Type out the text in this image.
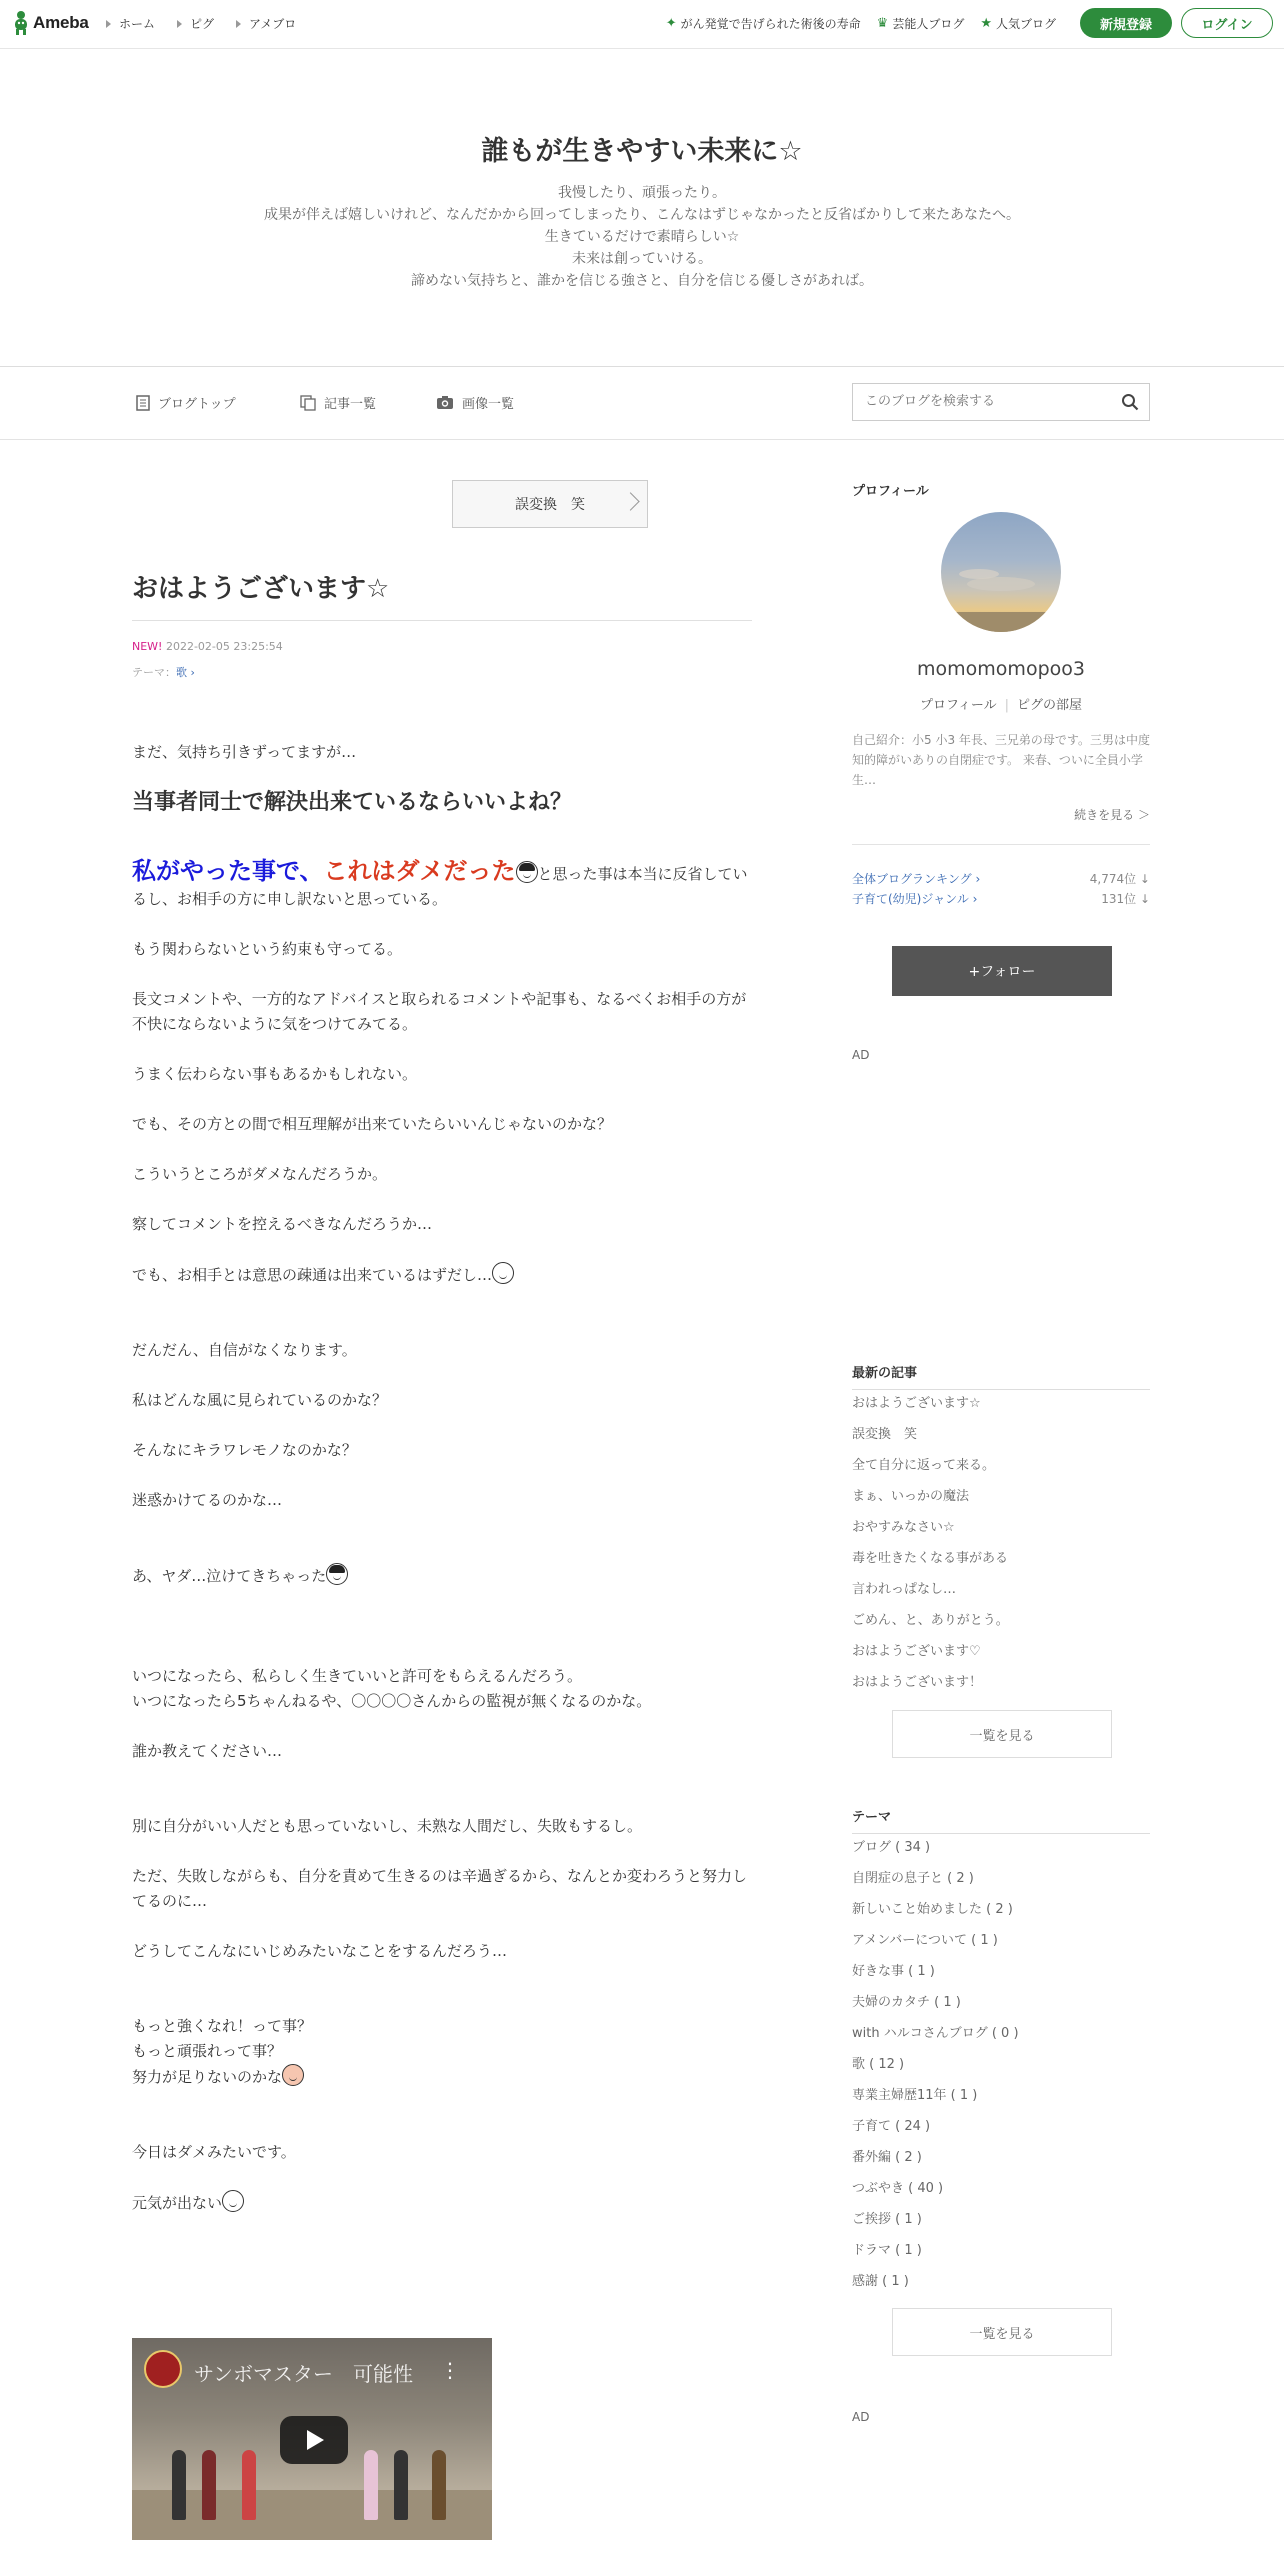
Ameba	ホーム	ピグ	アメブロ	✦ がん発覚で告げられた術後の寿命 ♛ 芸能人ブログ ★ 人気ブログ	新規登録	ログイン
誰もが生きやすい未来に☆
我慢したり、頑張ったり。
成果が伴えば嬉しいけれど、なんだかから回ってしまったり、こんなはずじゃなかったと反省ばかりして来たあなたへ。
生きているだけで素晴らしい☆
未来は創っていける。
諦めない気持ちと、誰かを信じる強さと、自分を信じる優しさがあれば。
ブログトップ	記事一覧	画像一覧
このブログを検索する
誤変換　笑
おはようございます☆
NEW! 2022-02-05 23:25:54
テーマ：歌 ›

まだ、気持ち引きずってますが…

当事者同士で解決出来ているならいいよね？

私がやった事で、これはダメだった と思った事は本当に反省しているし、お相手の方に申し訳ないと思っている。

もう関わらないという約束も守ってる。

長文コメントや、一方的なアドバイスと取られるコメントや記事も、なるべくお相手の方が不快にならないように気をつけてみてる。

うまく伝わらない事もあるかもしれない。

でも、その方との間で相互理解が出来ていたらいいんじゃないのかな？

こういうところがダメなんだろうか。

察してコメントを控えるべきなんだろうか…

でも、お相手とは意思の疎通は出来ているはずだし…

だんだん、自信がなくなります。

私はどんな風に見られているのかな？

そんなにキラワレモノなのかな？

迷惑かけてるのかな…

あ、ヤダ…泣けてきちゃった

いつになったら、私らしく生きていいと許可をもらえるんだろう。
いつになったら5ちゃんねるや、〇〇〇〇さんからの監視が無くなるのかな。

誰か教えてください…

別に自分がいい人だとも思っていないし、未熟な人間だし、失敗もするし。

ただ、失敗しながらも、自分を責めて生きるのは辛過ぎるから、なんとか変わろうと努力してるのに…

どうしてこんなにいじめみたいなことをするんだろう…

もっと強くなれ！って事？
もっと頑張れって事？
努力が足りないのかな

今日はダメみたいです。

元気が出ない

サンボマスター　可能性 ⋮
プロフィール
momomomopoo3
プロフィール | ピグの部屋
自己紹介：小5 小3 年長、三兄弟の母です。三男は中度知的障がいありの自閉症です。 来春、ついに全員小学生…
続きを見る ＞
全体ブログランキング ›	4,774位 ↓
子育て(幼児)ジャンル ›	131位 ↓
+フォロー
AD
最新の記事
おはようございます☆
誤変換　笑
全て自分に返って来る。
まぁ、いっかの魔法
おやすみなさい☆
毒を吐きたくなる事がある
言われっぱなし…
ごめん、と、ありがとう。
おはようございます♡
おはようございます！
一覧を見る
テーマ
ブログ ( 34 )
自閉症の息子と ( 2 )
新しいこと始めました ( 2 )
アメンバーについて ( 1 )
好きな事 ( 1 )
夫婦のカタチ ( 1 )
with ハルコさんブログ ( 0 )
歌 ( 12 )
専業主婦歴11年 ( 1 )
子育て ( 24 )
番外編 ( 2 )
つぶやき ( 40 )
ご挨拶 ( 1 )
ドラマ ( 1 )
感謝 ( 1 )
一覧を見る
AD
